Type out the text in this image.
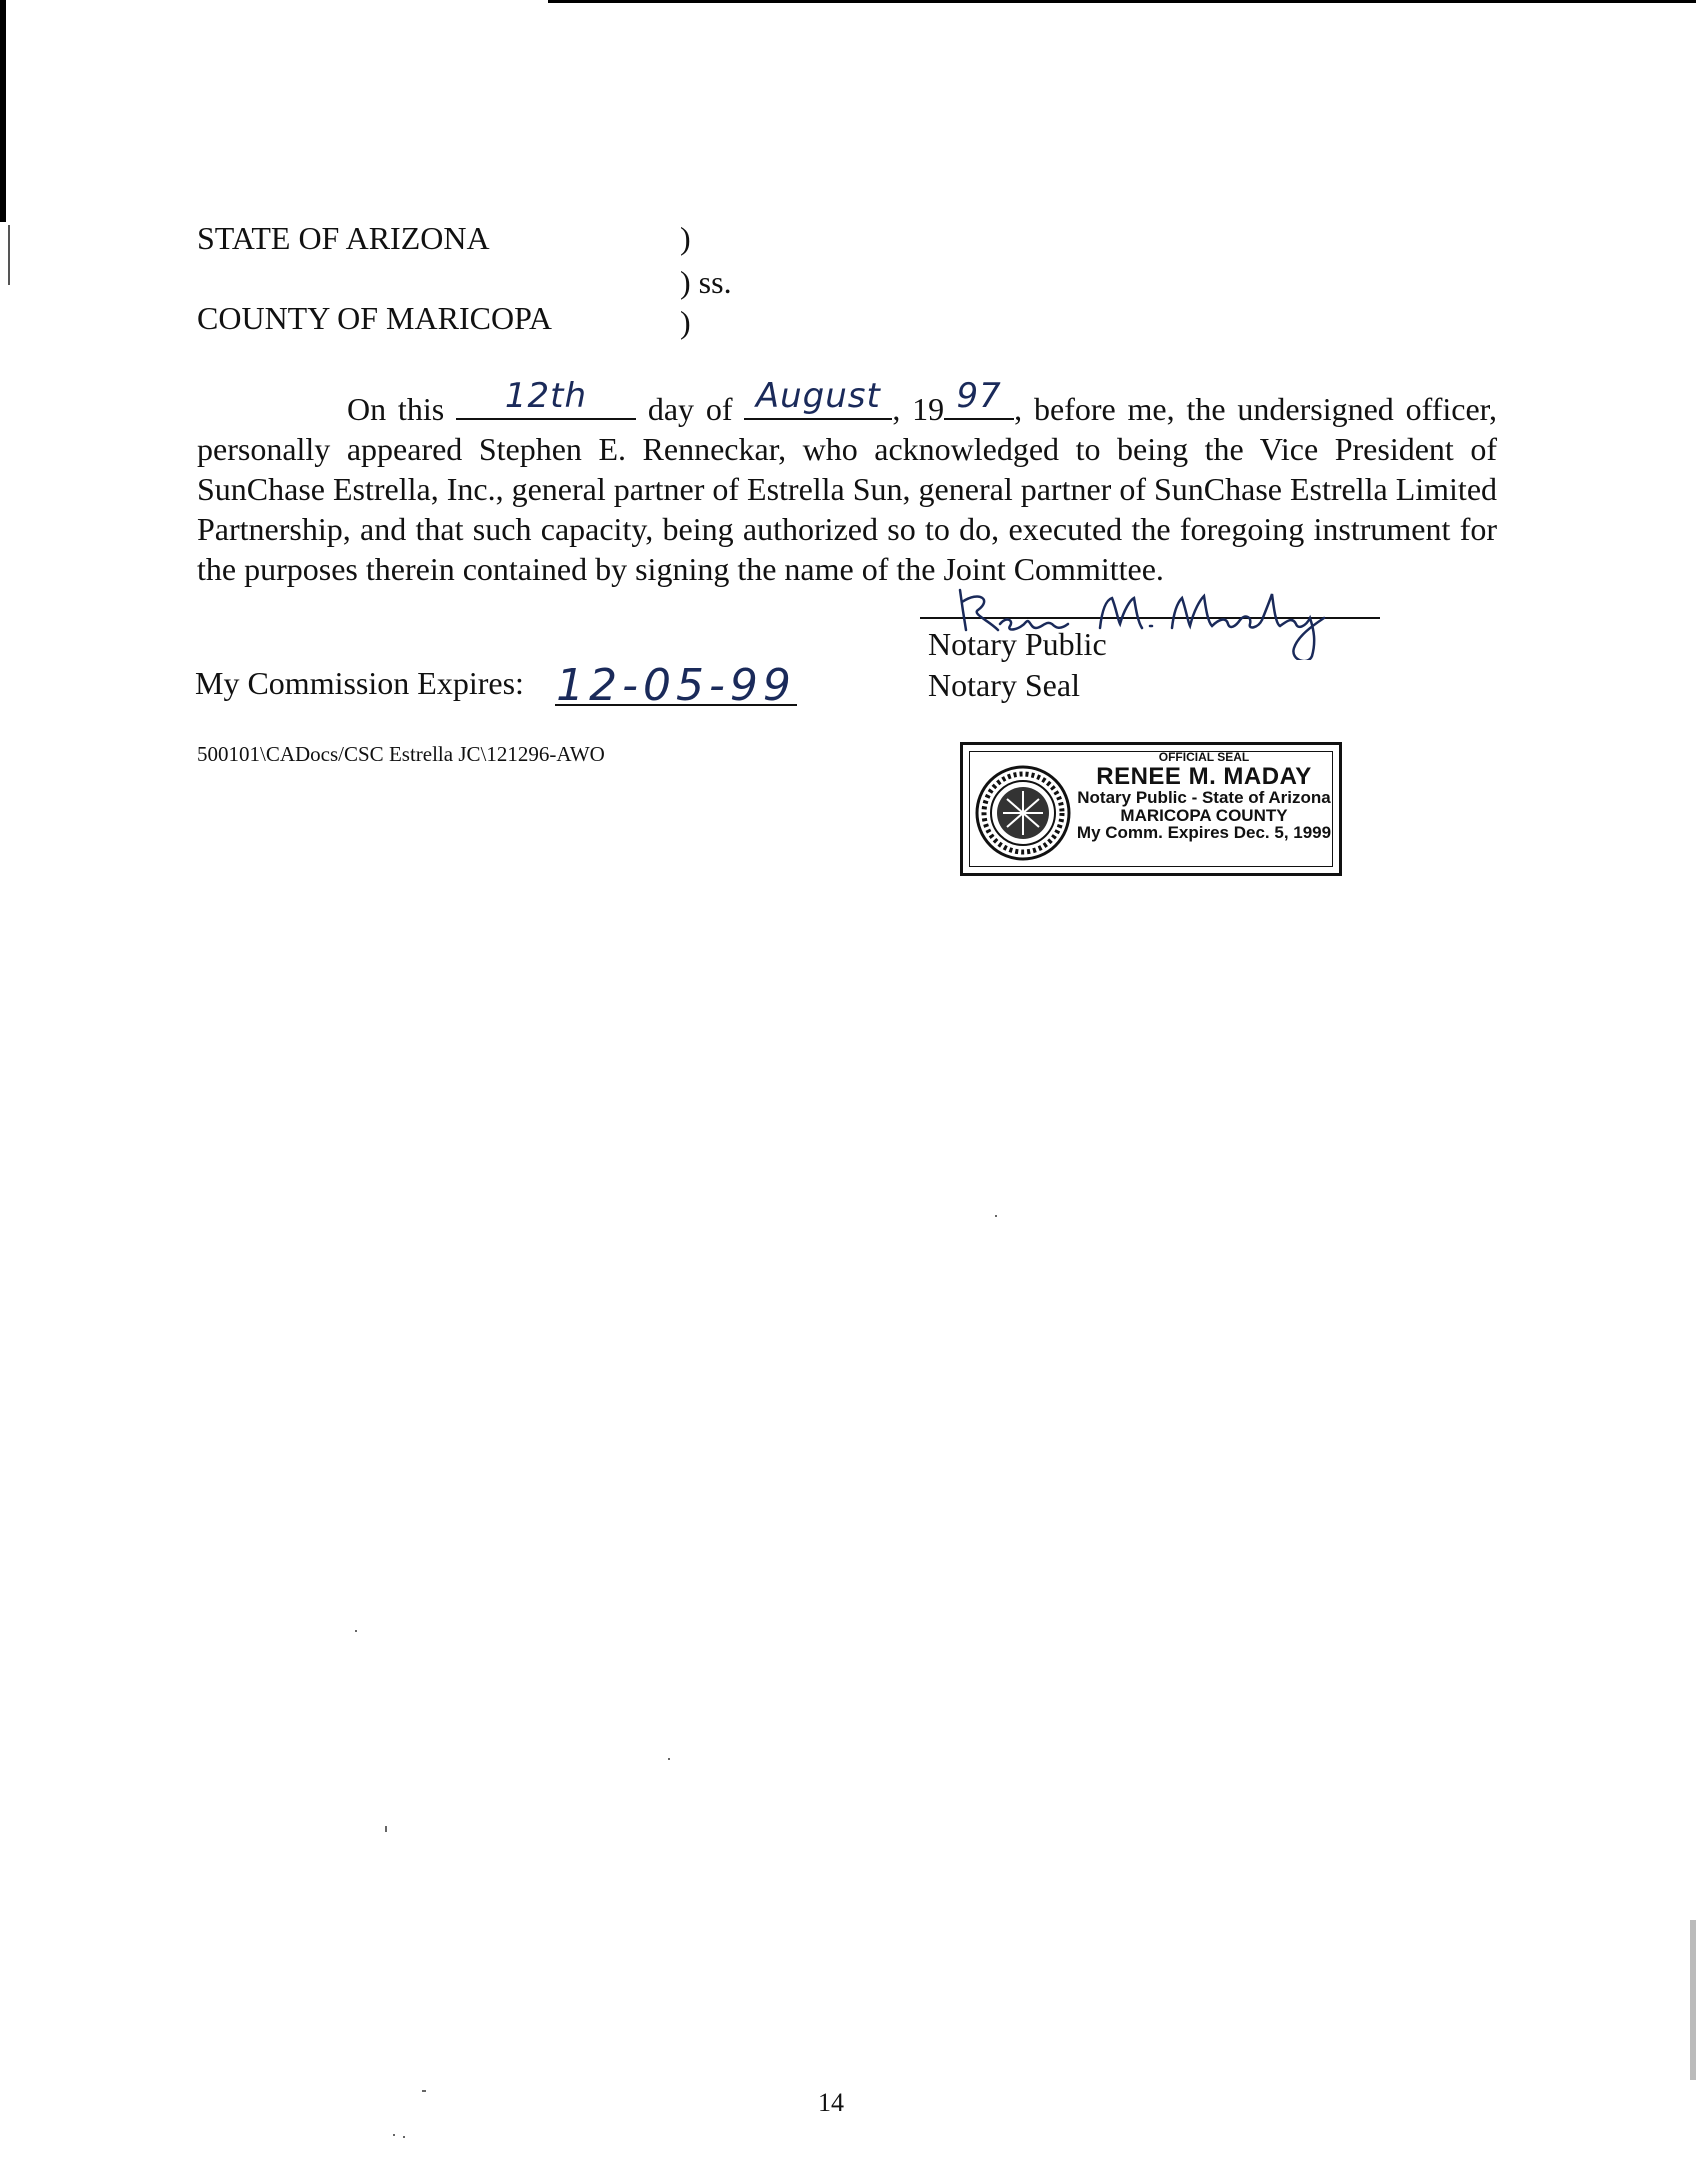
STATE OF ARIZONA	)
) ss.
COUNTY OF MARICOPA	)
On this	12th	day of August , 19 97 , before me, the undersigned officer, personally appeared Stephen E. Renneckar, who acknowledged to being the Vice President of SunChase Estrella, Inc., general partner of Estrella Sun, general partner of SunChase Estrella Limited Partnership, and that such capacity, being authorized so to do, executed the foregoing instrument for the purposes therein contained by signing the name of the Joint Committee.
Notary Public
Notary Seal
My Commission Expires: 12-05-99
500101\CADocs/CSC Estrella JC\121296-AWO	OFFICIAL SEAL
RENEE M. MADAY
Notary Public - State of Arizona
MARICOPA COUNTY
My Comm. Expires Dec. 5, 1999
14
